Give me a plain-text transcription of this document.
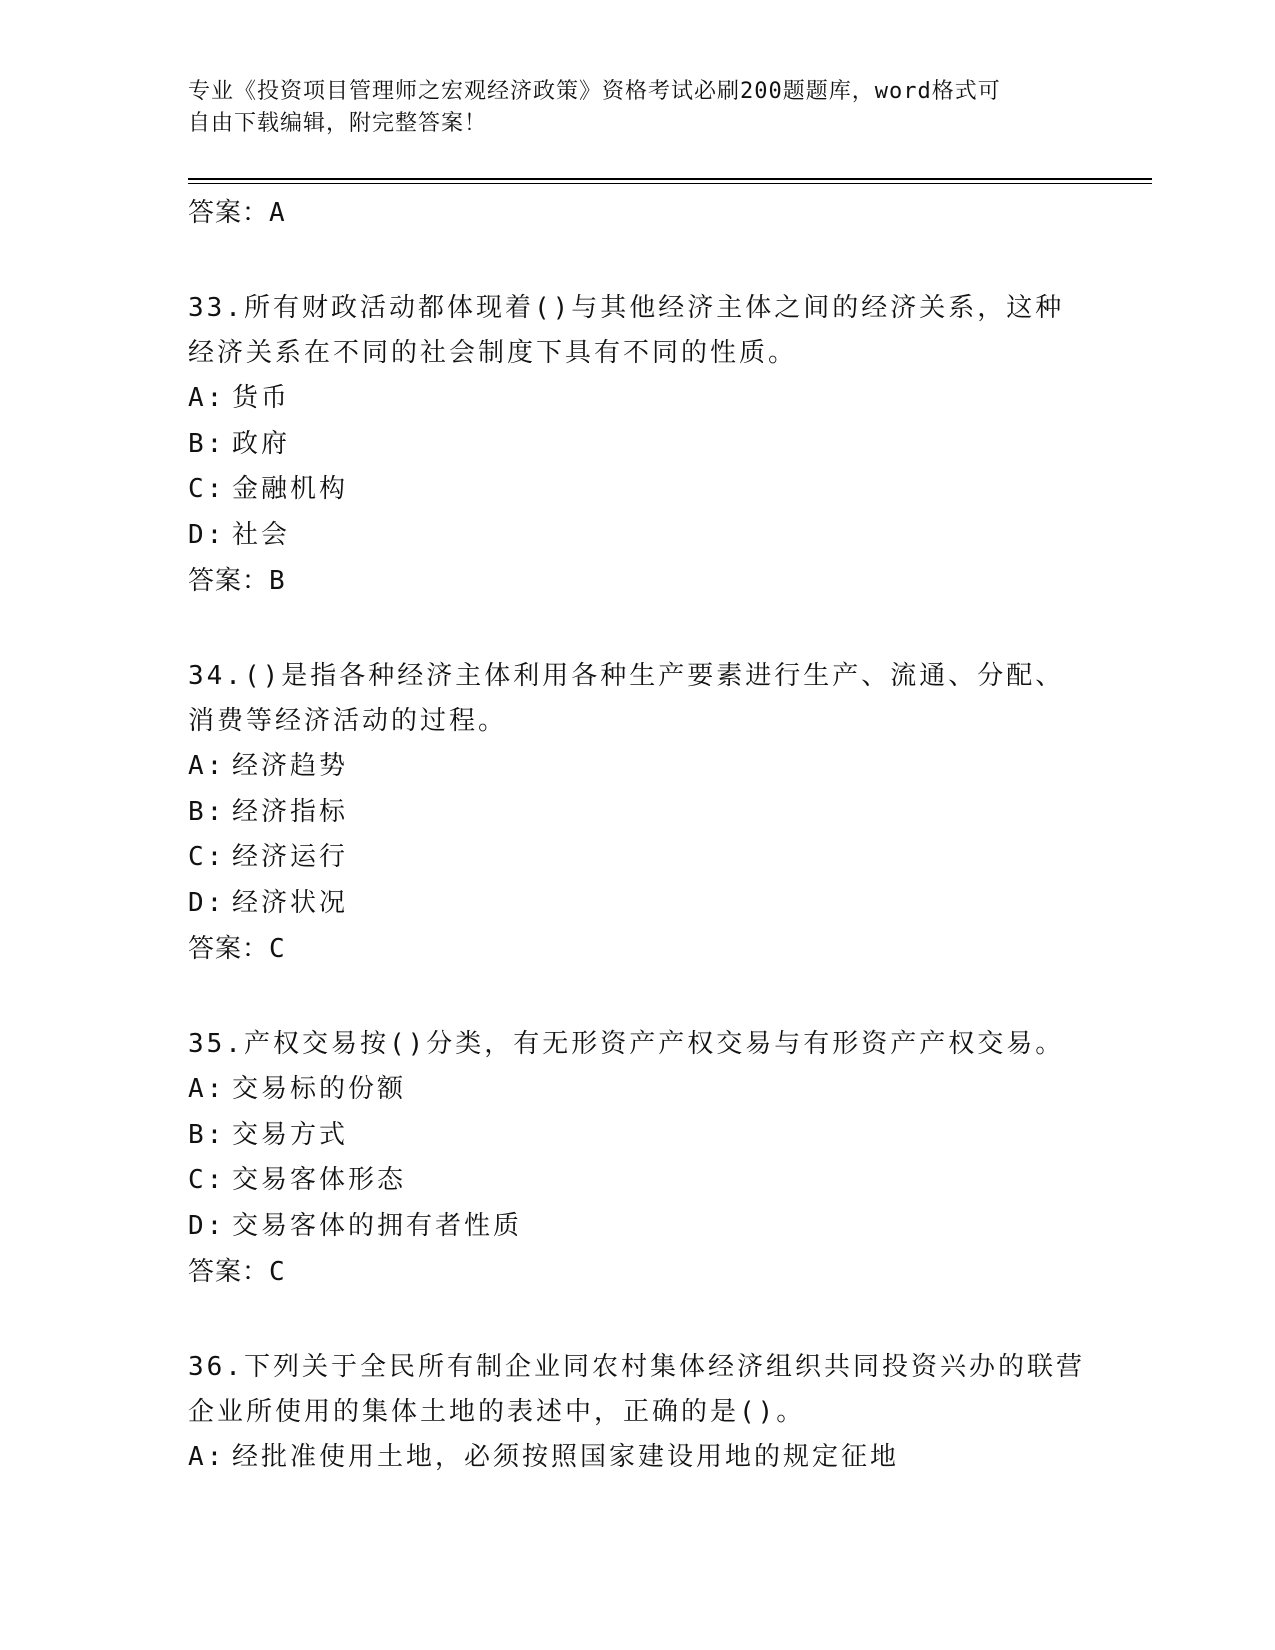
专业《投资项目管理师之宏观经济政策》资格考试必刷200题题库，word格式可
自由下载编辑，附完整答案！
答案：A
33.所有财政活动都体现着()与其他经济主体之间的经济关系，这种经济关系在不同的社会制度下具有不同的性质。
A: 货币
B: 政府
C: 金融机构
D: 社会
答案：B
34.()是指各种经济主体利用各种生产要素进行生产、流通、分配、消费等经济活动的过程。
A: 经济趋势
B: 经济指标
C: 经济运行
D: 经济状况
答案：C
35.产权交易按()分类，有无形资产产权交易与有形资产产权交易。
A: 交易标的份额
B: 交易方式
C: 交易客体形态
D: 交易客体的拥有者性质
答案：C
36.下列关于全民所有制企业同农村集体经济组织共同投资兴办的联营企业所使用的集体土地的表述中，正确的是()。
A: 经批准使用土地，必须按照国家建设用地的规定征地
